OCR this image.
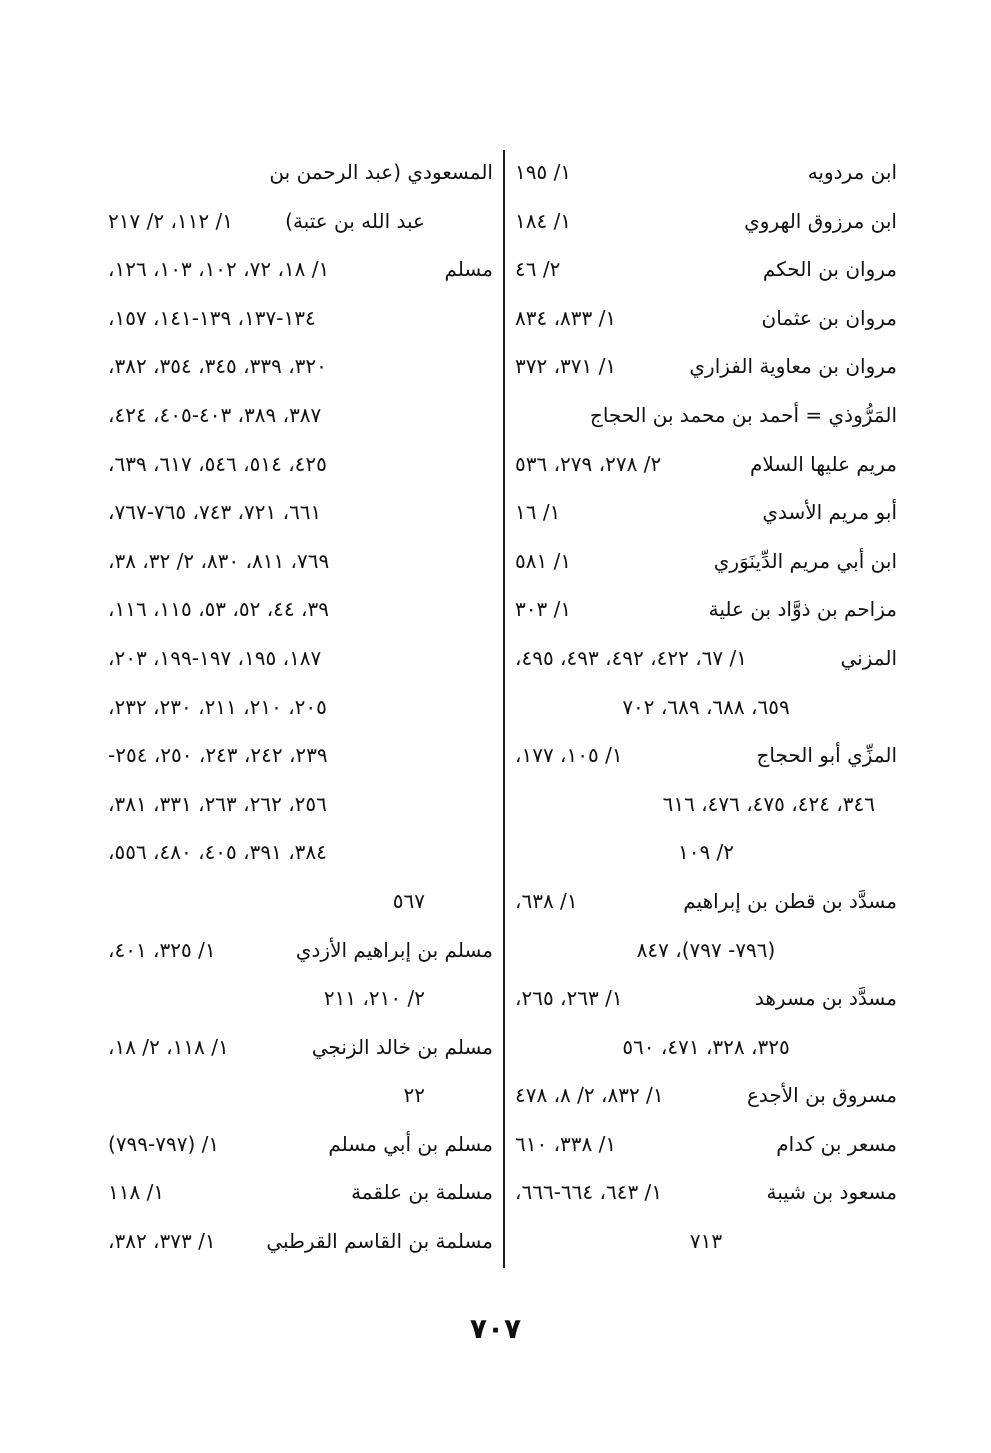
ابن مردويه
١/ ١٩٥
ابن مرزوق الهروي
١/ ١٨٤
مروان بن الحكم
٢/ ٤٦
مروان بن عثمان
١/ ٨٣٣، ٨٣٤
مروان بن معاوية الفزاري
١/ ٣٧١، ٣٧٢
المَرُّوذي = أحمد بن محمد بن الحجاج
مريم عليها السلام
٢/ ٢٧٨، ٢٧٩، ٥٣٦
أبو مريم الأسدي
١/ ١٦
ابن أبي مريم الدِّينَوَري
١/ ٥٨١
مزاحم بن ذوَّاد بن علية
١/ ٣٠٣
المزني
١/ ٦٧، ٤٢٢، ٤٩٢، ٤٩٣، ٤٩٥،
٦٥٩، ٦٨٨، ٦٨٩، ٧٠٢
المزِّي أبو الحجاج
١/ ١٠٥، ١٧٧،
٣٤٦، ٤٢٤، ٤٧٥، ٤٧٦، ٦١٦
٢/ ١٠٩
مسدَّد بن قطن بن إبراهيم
١/ ٦٣٨،
(٧٩٦- ٧٩٧)، ٨٤٧
مسدَّد بن مسرهد
١/ ٢٦٣، ٢٦٥،
٣٢٥، ٣٢٨، ٤٧١، ٥٦٠
مسروق بن الأجدع
١/ ٨٣٢، ٢/ ٨، ٤٧٨
مسعر بن كدام
١/ ٣٣٨، ٦١٠
مسعود بن شيبة
١/ ٦٤٣، ٦٦٤-٦٦٦،
٧١٣
المسعودي (عبد الرحمن بن
عبد الله بن عتبة)
١/ ١١٢، ٢/ ٢١٧
مسلم
١/ ١٨، ٧٢، ١٠٢، ١٠٣، ١٢٦،
١٣٤-١٣٧، ١٣٩-١٤١، ١٥٧،
٣٢٠، ٣٣٩، ٣٤٥، ٣٥٤، ٣٨٢،
٣٨٧، ٣٨٩، ٤٠٣-٤٠٥، ٤٢٤،
٤٢٥، ٥١٤، ٥٤٦، ٦١٧، ٦٣٩،
٦٦١، ٧٢١، ٧٤٣، ٧٦٥-٧٦٧،
٧٦٩، ٨١١، ٨٣٠، ٢/ ٣٢، ٣٨،
٣٩، ٤٤، ٥٢، ٥٣، ١١٥، ١١٦،
١٨٧، ١٩٥، ١٩٧-١٩٩، ٢٠٣،
٢٠٥، ٢١٠، ٢١١، ٢٣٠، ٢٣٢،
٢٣٩، ٢٤٢، ٢٤٣، ٢٥٠، ٢٥٤-
٢٥٦، ٢٦٢، ٢٦٣، ٣٣١، ٣٨١،
٣٨٤، ٣٩١، ٤٠٥، ٤٨٠، ٥٥٦،
٥٦٧
مسلم بن إبراهيم الأزدي
١/ ٣٢٥، ٤٠١،
٢/ ٢١٠، ٢١١
مسلم بن خالد الزنجي
١/ ١١٨، ٢/ ١٨،
٢٢
مسلم بن أبي مسلم
١/ (٧٩٧-٧٩٩)
مسلمة بن علقمة
١/ ١١٨
مسلمة بن القاسم القرطبي
١/ ٣٧٣، ٣٨٢،
٧٠٧
